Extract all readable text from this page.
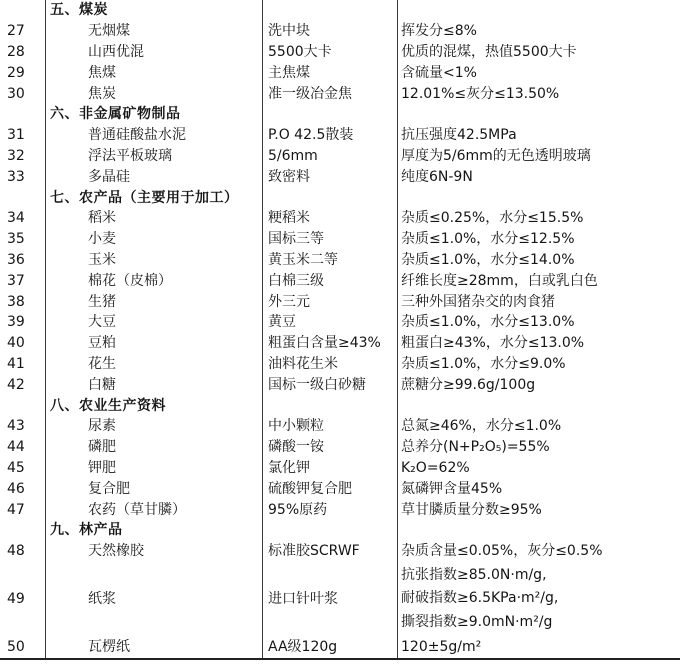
五、煤炭
27	无烟煤	洗中块	挥发分≤8%
28	山西优混	5500大卡	优质的混煤，热值5500大卡
29	焦煤	主焦煤	含硫量<1%
30	焦炭	准一级冶金焦	12.01%≤灰分≤13.50%
六、非金属矿物制品
31	普通硅酸盐水泥	P.O 42.5散装	抗压强度42.5MPa
32	浮法平板玻璃	5/6mm	厚度为5/6mm的无色透明玻璃
33	多晶硅	致密料	纯度6N-9N
七、农产品（主要用于加工）
34	稻米	粳稻米	杂质≤0.25%，水分≤15.5%
35	小麦	国标三等	杂质≤1.0%，水分≤12.5%
36	玉米	黄玉米二等	杂质≤1.0%，水分≤14.0%
37	棉花（皮棉）	白棉三级	纤维长度≥28mm，白或乳白色
38	生猪	外三元	三种外国猪杂交的肉食猪
39	大豆	黄豆	杂质≤1.0%，水分≤13.0%
40	豆粕	粗蛋白含量≥43%	粗蛋白≥43%，水分≤13.0%
41	花生	油料花生米	杂质≤1.0%，水分≤9.0%
42	白糖	国标一级白砂糖	蔗糖分≥99.6g/100g
八、农业生产资料
43	尿素	中小颗粒	总氮≥46%，水分≤1.0%
44	磷肥	磷酸一铵	总养分(N+P₂O₅)=55%
45	钾肥	氯化钾	K₂O=62%
46	复合肥	硫酸钾复合肥	氮磷钾含量45%
47	农药（草甘膦）	95%原药	草甘膦质量分数≥95%
九、林产品
48	天然橡胶	标准胶SCRWF	杂质含量≤0.05%，灰分≤0.5%
49	纸浆	进口针叶浆
抗张指数≥85.0N·m/g,
耐破指数≥6.5KPa·m²/g,
撕裂指数≥9.0mN·m²/g
50	瓦楞纸	AA级120g	120±5g/m²
